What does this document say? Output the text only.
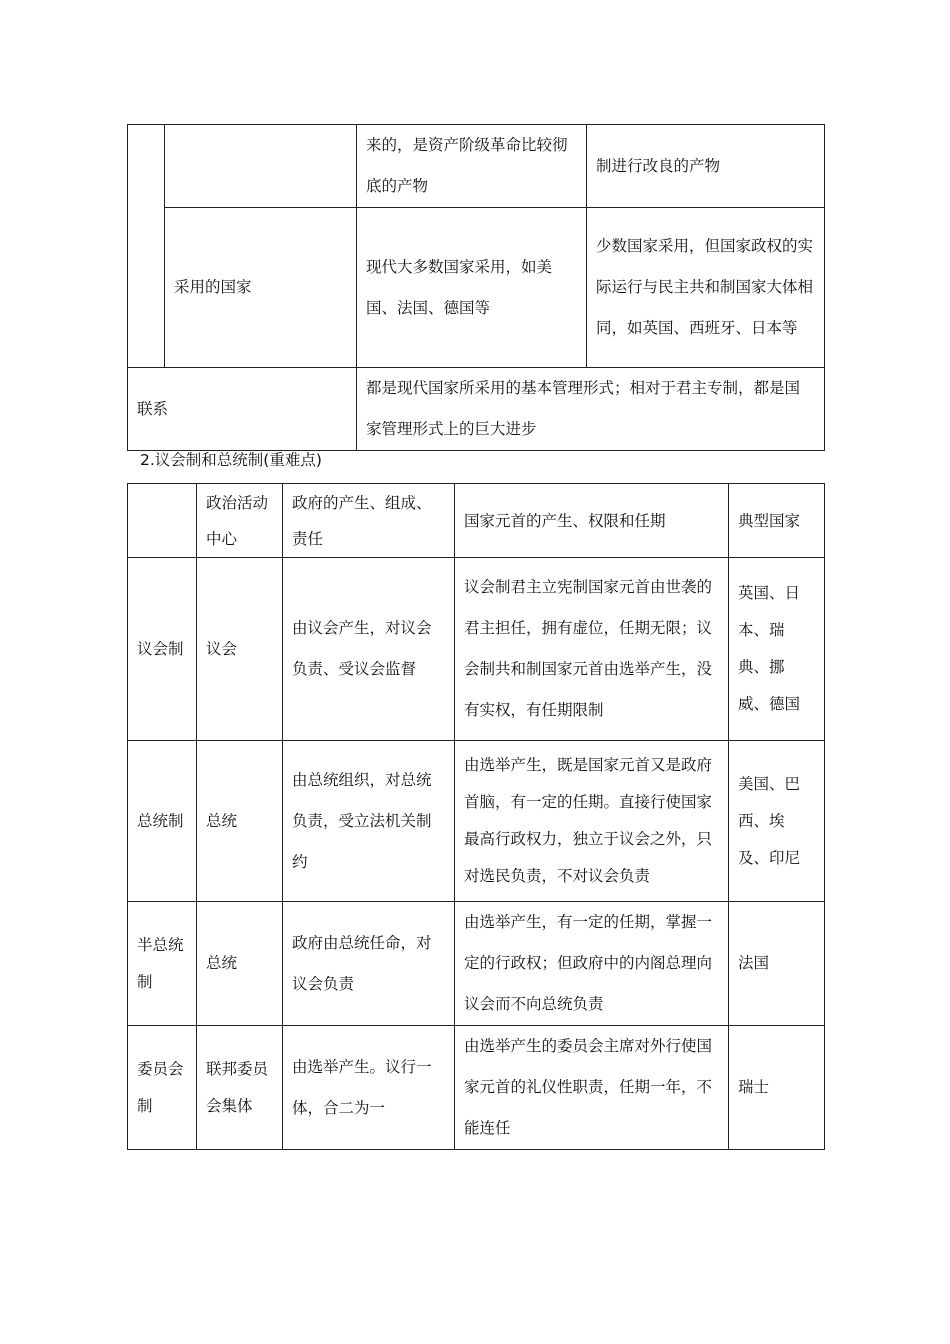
		来的，是资产阶级革命比较彻底的产物	制进行改良的产物
	采用的国家	现代大多数国家采用，如美国、法国、德国等	少数国家采用，但国家政权的实际运行与民主共和制国家大体相同，如英国、西班牙、日本等
联系		都是现代国家所采用的基本管理形式；相对于君主专制，都是国家管理形式上的巨大进步	
2.议会制和总统制(重难点)
	政治活动中心	政府的产生、组成、责任	国家元首的产生、权限和任期	典型国家
议会制	议会	由议会产生，对议会负责、受议会监督	议会制君主立宪制国家元首由世袭的君主担任，拥有虚位，任期无限；议会制共和制国家元首由选举产生，没有实权，有任期限制	英国、日本、瑞典、挪威、德国
总统制	总统	由总统组织，对总统负责，受立法机关制约	由选举产生，既是国家元首又是政府首脑，有一定的任期。直接行使国家最高行政权力，独立于议会之外，只对选民负责，不对议会负责	美国、巴西、埃及、印尼
半总统制	总统	政府由总统任命，对议会负责	由选举产生，有一定的任期，掌握一定的行政权；但政府中的内阁总理向议会而不向总统负责	法国
委员会制	联邦委员会集体	由选举产生。议行一体，合二为一	由选举产生的委员会主席对外行使国家元首的礼仪性职责，任期一年，不能连任	瑞士
